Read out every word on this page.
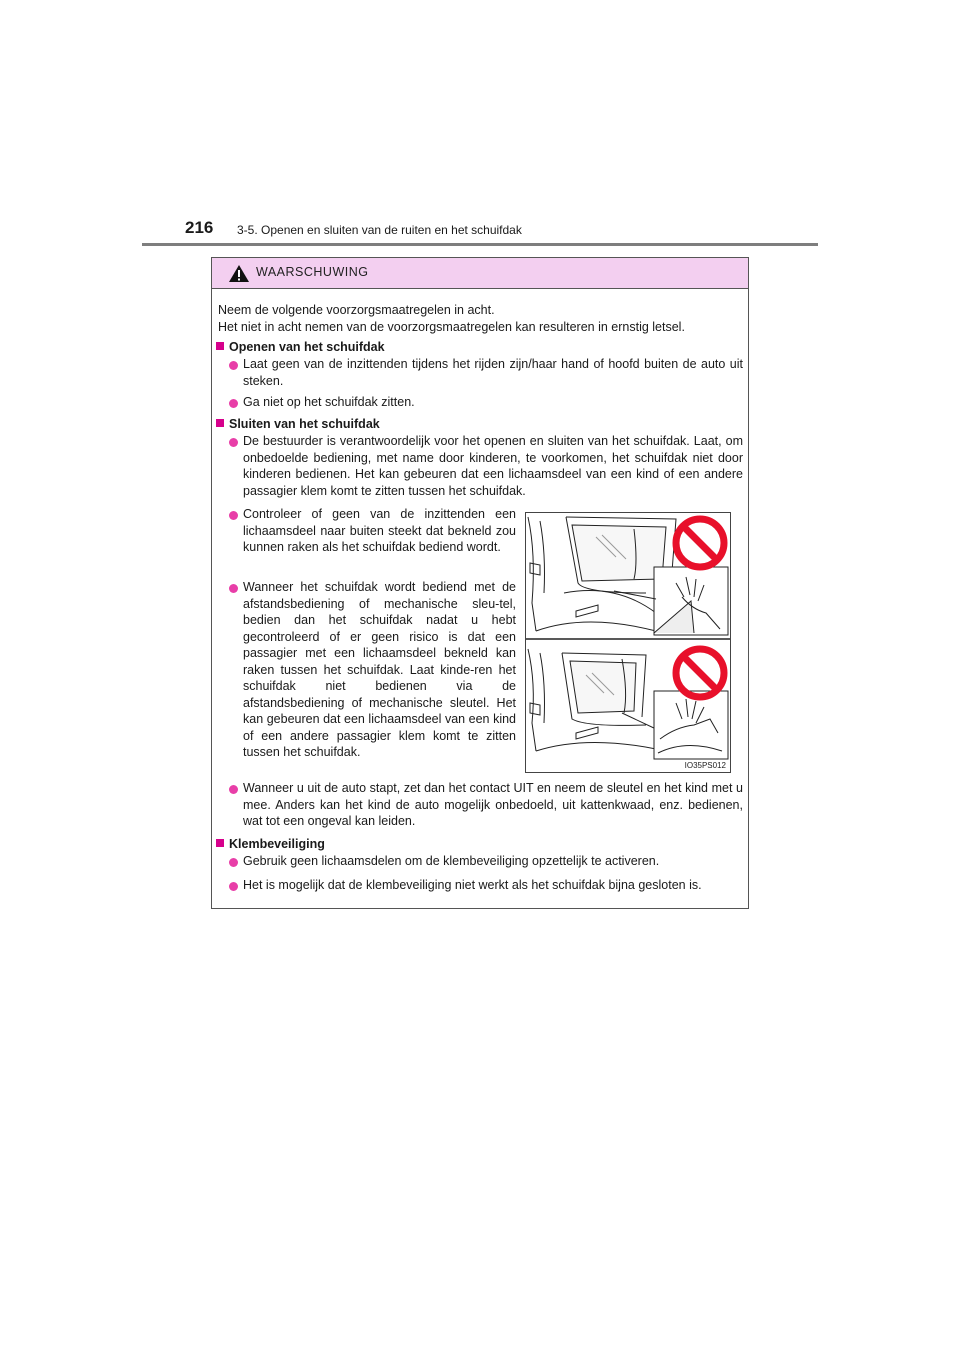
216 3-5. Openen en sluiten van de ruiten en het schuifdak
WAARSCHUWING
Neem de volgende voorzorgsmaatregelen in acht.
Het niet in acht nemen van de voorzorgsmaatregelen kan resulteren in ernstig letsel.
Openen van het schuifdak
Laat geen van de inzittenden tijdens het rijden zijn/haar hand of hoofd buiten de auto uit steken.
Ga niet op het schuifdak zitten.
Sluiten van het schuifdak
De bestuurder is verantwoordelijk voor het openen en sluiten van het schuifdak. Laat, om onbedoelde bediening, met name door kinderen, te voorkomen, het schuifdak niet door kinderen bedienen. Het kan gebeuren dat een lichaamsdeel van een kind of een andere passagier klem komt te zitten tussen het schuifdak.
Controleer of geen van de inzittenden een lichaamsdeel naar buiten steekt dat bekneld zou kunnen raken als het schuifdak bediend wordt.
Wanneer het schuifdak wordt bediend met de afstandsbediening of mechanische sleu-tel, bedien dan het schuifdak nadat u hebt gecontroleerd of er geen risico is dat een passagier met een lichaamsdeel bekneld kan raken tussen het schuifdak. Laat kinde-ren het schuifdak niet bedienen via de afstandsbediening of mechanische sleutel. Het kan gebeuren dat een lichaamsdeel van een kind of een andere passagier klem komt te zitten tussen het schuifdak.
Wanneer u uit de auto stapt, zet dan het contact UIT en neem de sleutel en het kind met u mee. Anders kan het kind de auto mogelijk onbedoeld, uit kattenkwaad, enz. bedienen, wat tot een ongeval kan leiden.
Klembeveiliging
Gebruik geen lichaamsdelen om de klembeveiliging opzettelijk te activeren.
Het is mogelijk dat de klembeveiliging niet werkt als het schuifdak bijna gesloten is.
IO35PS012
